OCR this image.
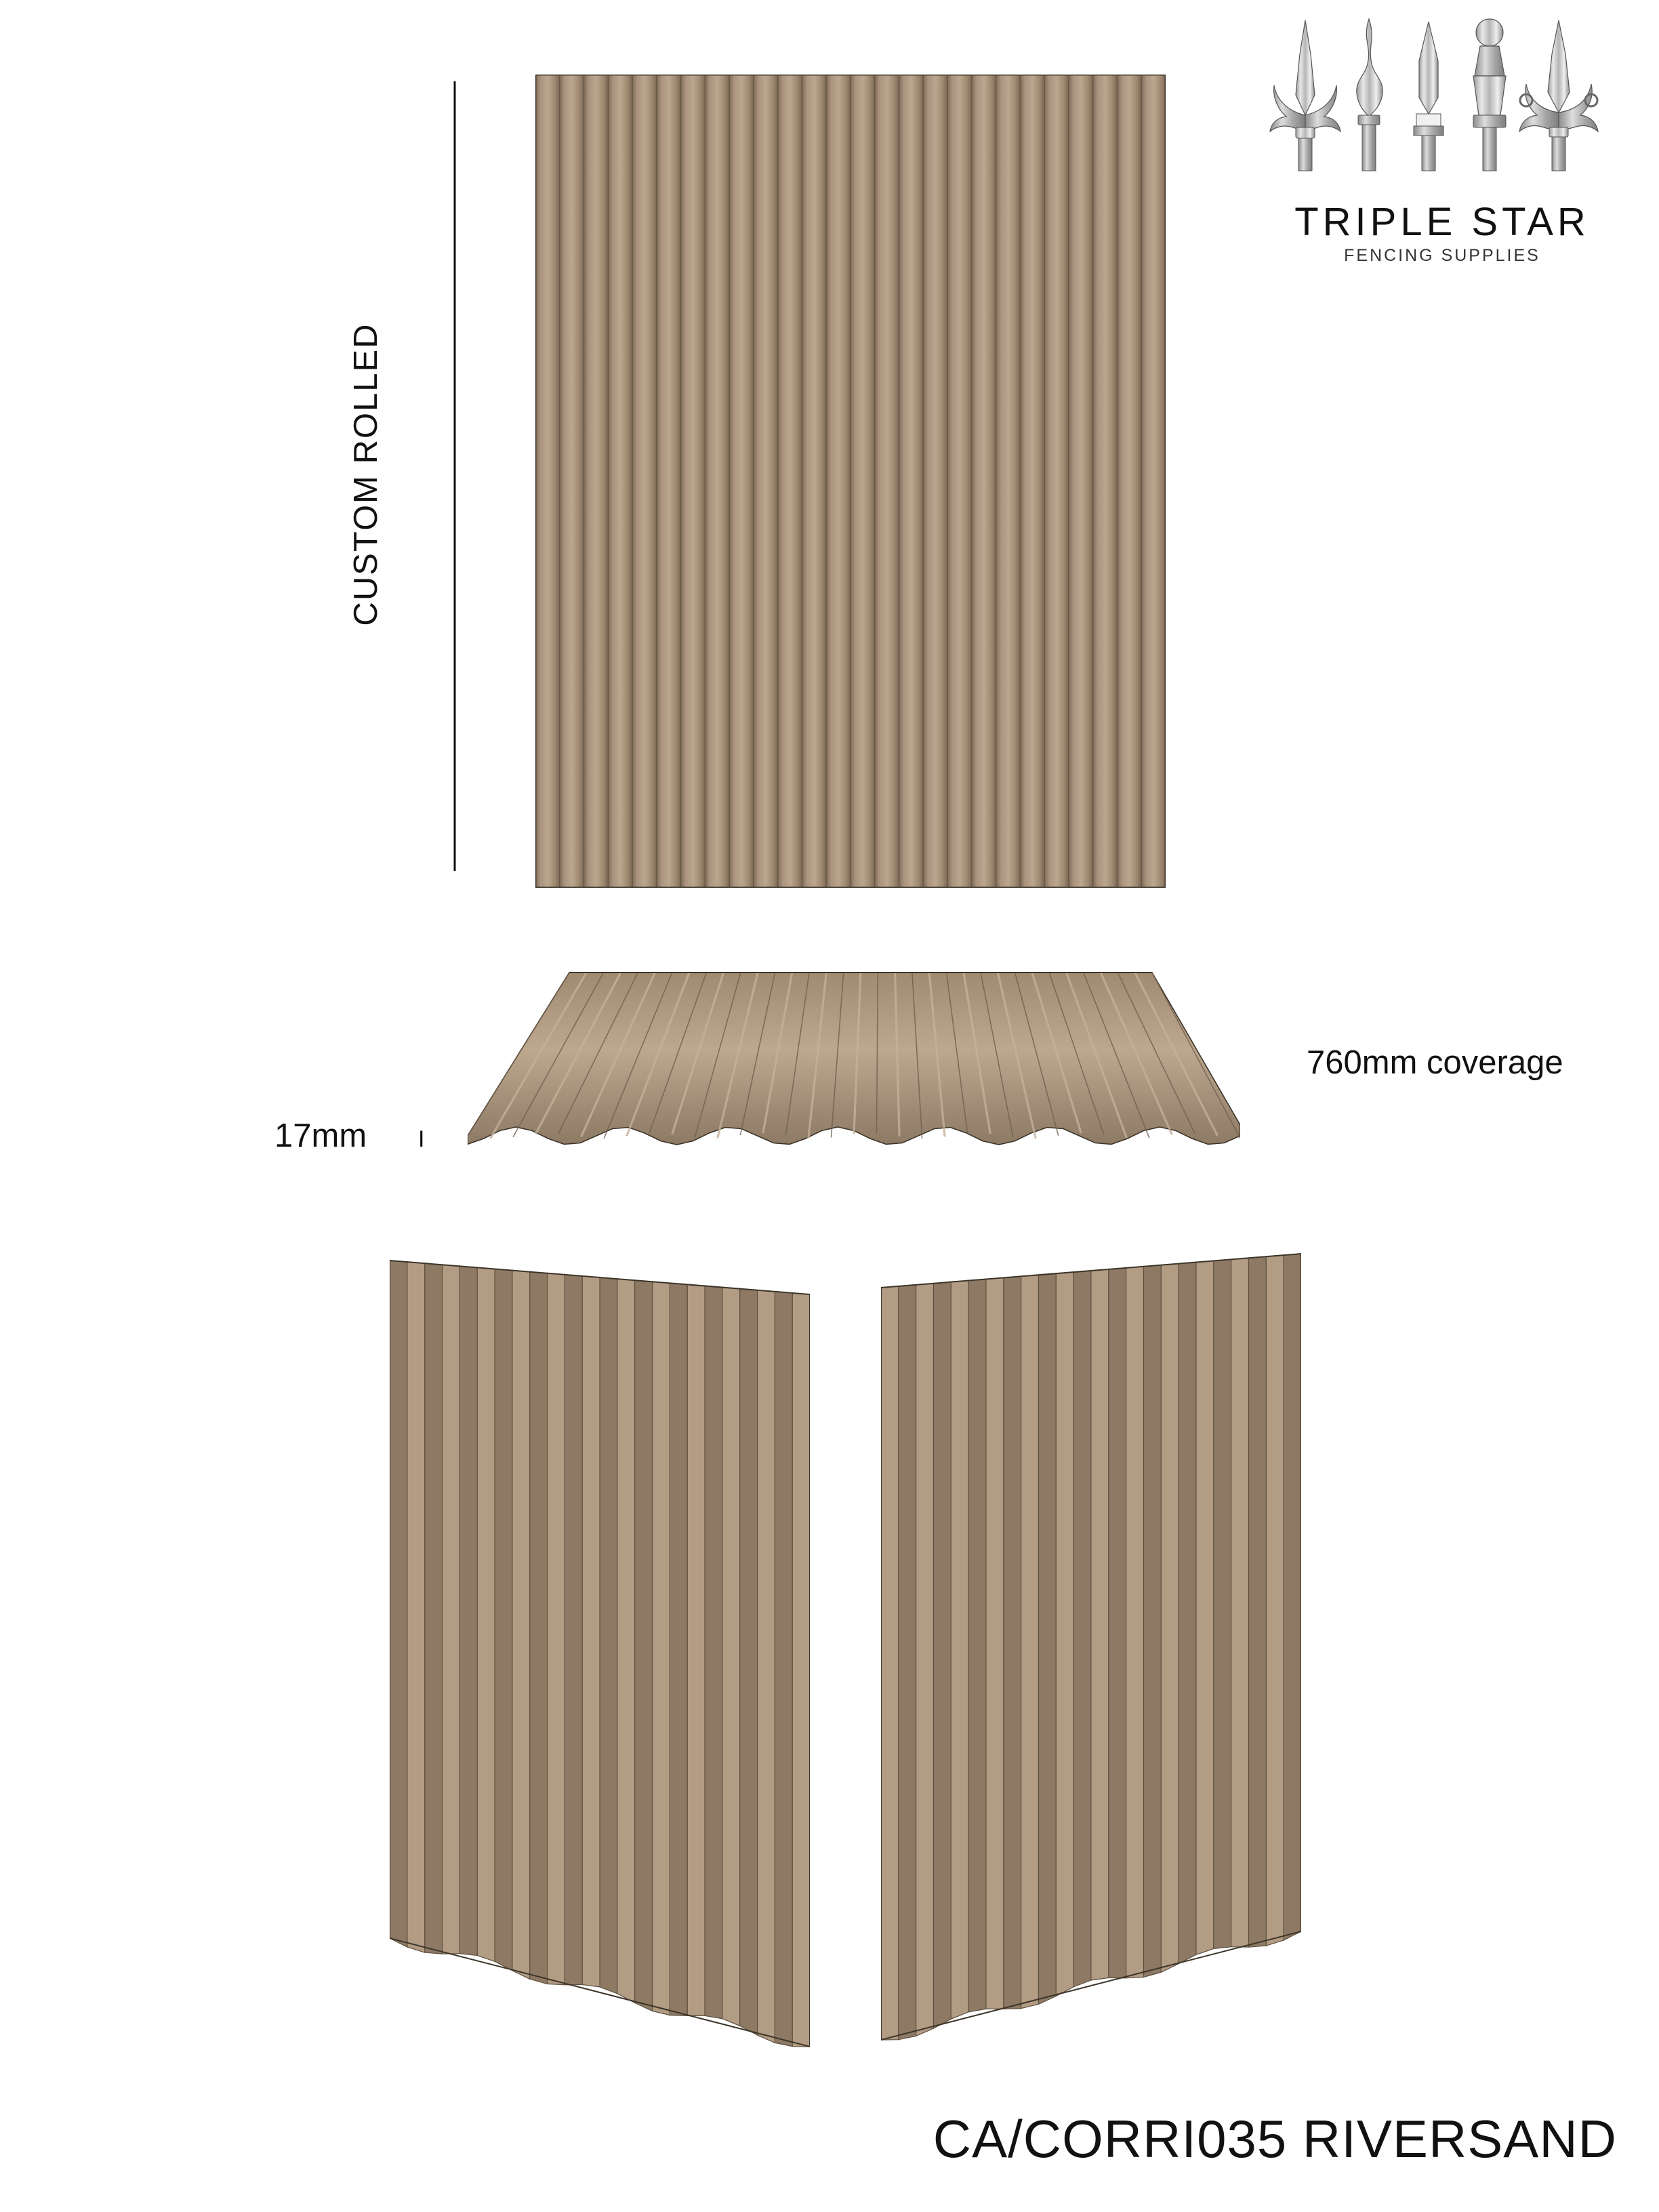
TRIPLE STAR
FENCING SUPPLIES
CUSTOM ROLLED
760mm coverage
17mm I
CA/CORRI035 RIVERSAND
